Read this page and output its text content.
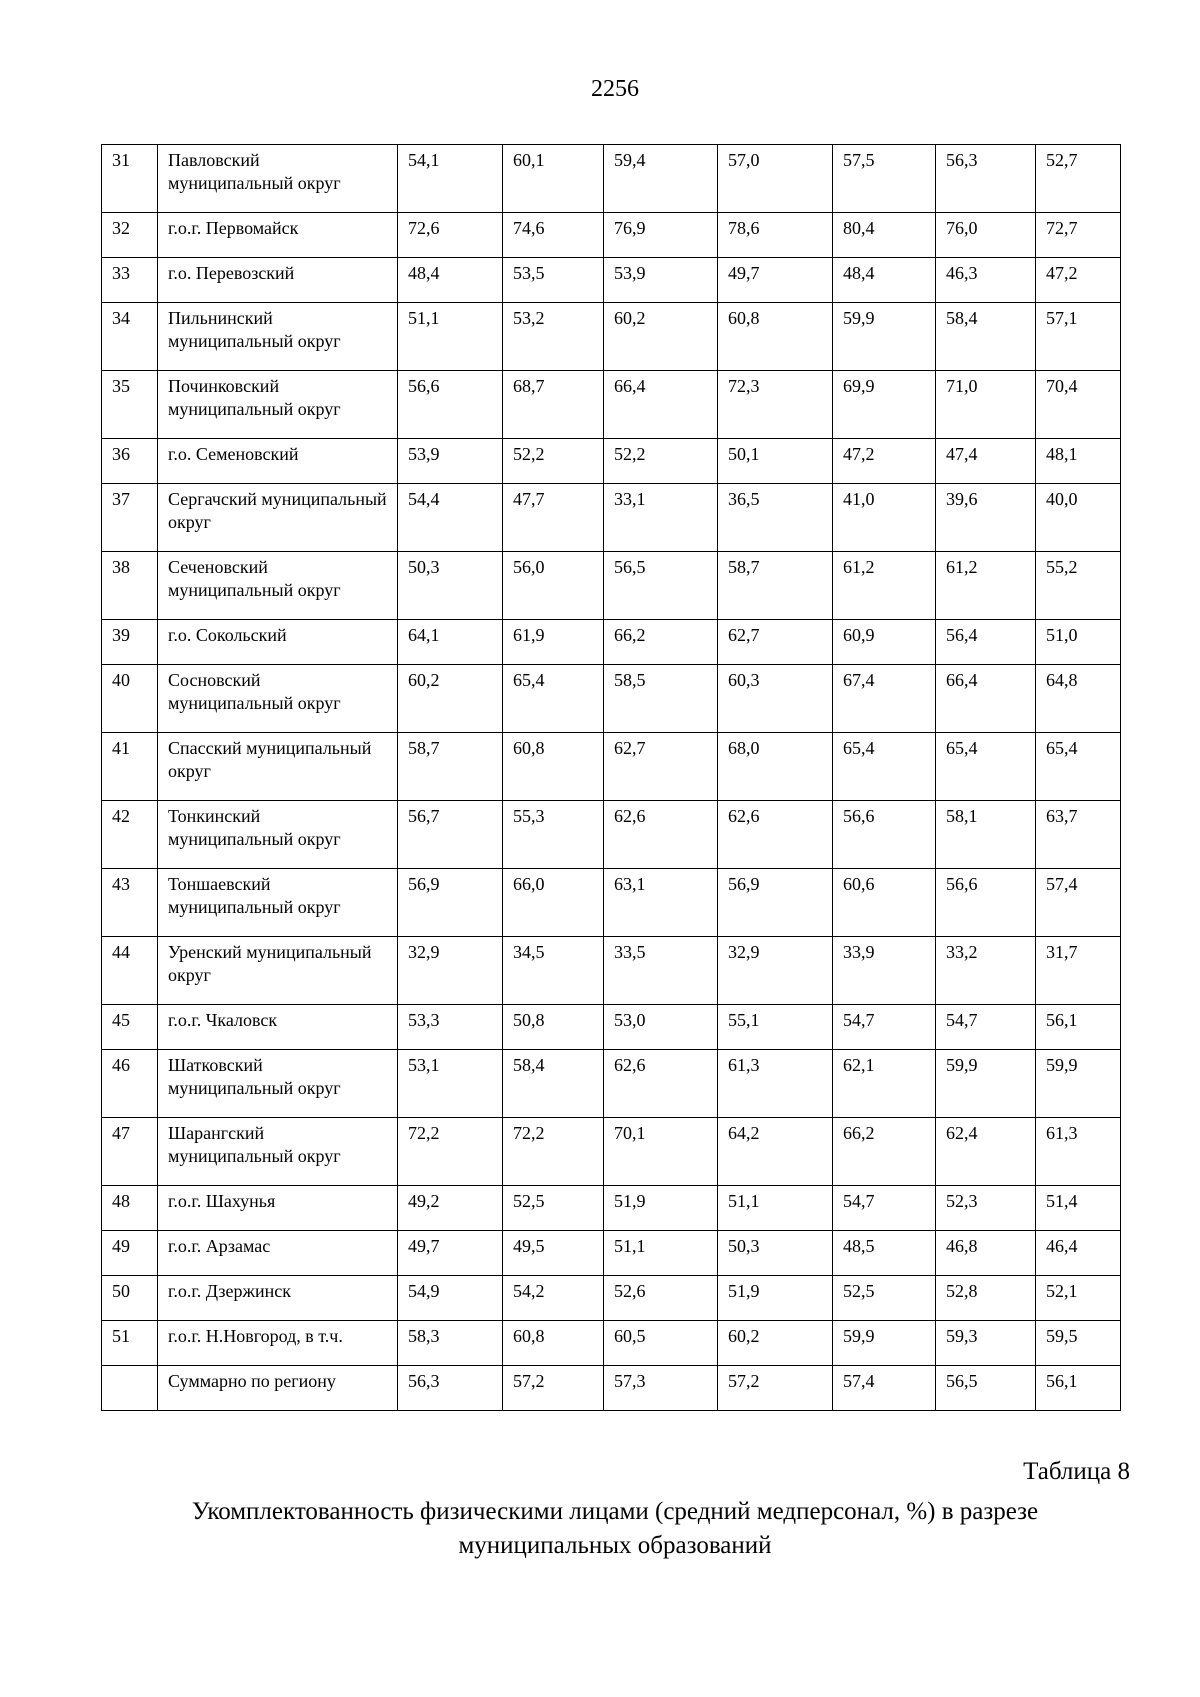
2256
31	Павловский муниципальный округ	54,1	60,1	59,4	57,0	57,5	56,3	52,7
32	г.о.г. Первомайск	72,6	74,6	76,9	78,6	80,4	76,0	72,7
33	г.о. Перевозский	48,4	53,5	53,9	49,7	48,4	46,3	47,2
34	Пильнинский муниципальный округ	51,1	53,2	60,2	60,8	59,9	58,4	57,1
35	Починковский муниципальный округ	56,6	68,7	66,4	72,3	69,9	71,0	70,4
36	г.о. Семеновский	53,9	52,2	52,2	50,1	47,2	47,4	48,1
37	Сергачский муниципальный округ	54,4	47,7	33,1	36,5	41,0	39,6	40,0
38	Сеченовский муниципальный округ	50,3	56,0	56,5	58,7	61,2	61,2	55,2
39	г.о. Сокольский	64,1	61,9	66,2	62,7	60,9	56,4	51,0
40	Сосновский муниципальный округ	60,2	65,4	58,5	60,3	67,4	66,4	64,8
41	Спасский муниципальный округ	58,7	60,8	62,7	68,0	65,4	65,4	65,4
42	Тонкинский муниципальный округ	56,7	55,3	62,6	62,6	56,6	58,1	63,7
43	Тоншаевский муниципальный округ	56,9	66,0	63,1	56,9	60,6	56,6	57,4
44	Уренский муниципальный округ	32,9	34,5	33,5	32,9	33,9	33,2	31,7
45	г.о.г. Чкаловск	53,3	50,8	53,0	55,1	54,7	54,7	56,1
46	Шатковский муниципальный округ	53,1	58,4	62,6	61,3	62,1	59,9	59,9
47	Шарангский муниципальный округ	72,2	72,2	70,1	64,2	66,2	62,4	61,3
48	г.о.г. Шахунья	49,2	52,5	51,9	51,1	54,7	52,3	51,4
49	г.о.г. Арзамас	49,7	49,5	51,1	50,3	48,5	46,8	46,4
50	г.о.г. Дзержинск	54,9	54,2	52,6	51,9	52,5	52,8	52,1
51	г.о.г. Н.Новгород, в т.ч.	58,3	60,8	60,5	60,2	59,9	59,3	59,5
	Суммарно по региону	56,3	57,2	57,3	57,2	57,4	56,5	56,1
Таблица 8
Укомплектованность физическими лицами (средний медперсонал, %) в разрезе
муниципальных образований
